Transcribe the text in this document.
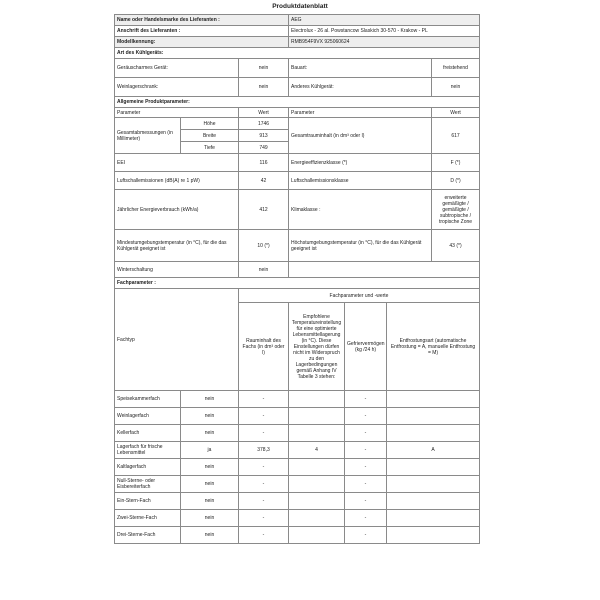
Produktdatenblatt
Name oder Handelsmarke des Lieferanten :			AEG			
Anschrift des Lieferanten :			Electrolux - 26 al. Powstancow Slaskich 30-570 - Krakow - PL			
Modellkennung:			RMB954F9VX 925060624			
Art des Kühlgeräts:						
Geräuscharmes Gerät:		nein	Bauart:			freistehend
Weinlagerschrank:		nein	Anderes Kühlgerät:			nein
Allgemeine Produktparameter:						
Parameter		Wert	Parameter			Wert
Gesamtabmessungen (in Millimeter)	Höhe	1746	Gesamtrauminhalt (in dm³ oder l)			617
	Breite	913				
	Tiefe	749				
EEI		116	Energieeffizienzklasse (*)			F (*)
Luftschallemissionen (dB(A) re 1 pW)		42	Luftschallemissionsklasse			D (*)
Jährlicher Energieverbrauch (kWh/a)		412	Klimaklasse :			erweiterte gemäßigte / gemäßigte / subtropische / tropische Zone
Mindestumgebungstemperatur (in °C), für die das Kühlgerät geeignet ist		10 (*)	Höchstumgebungstemperatur (in °C), für die das Kühlgerät geeignet ist			43 (*)
Winterschaltung		nein				
Fachparameter :						
Fachtyp		Fachparameter und -werte				
		Rauminhalt des Fachs (in dm³ oder l)	Empfohlene Temperatureinstellung für eine optimierte Lebensmittellagerung (in °C). Diese Einstellungen dürfen nicht im Widerspruch zu den Lagerbedingungen gemäß Anhang IV Tabelle 3 stehen:	Gefriervermögen (kg /24 h)	Entfrostungsart (automatische Entfrostung = A, manuelle Entfrostung = M)	
Speisekammerfach	nein	-		-		
Weinlagerfach	nein	-		-		
Kellerfach	nein	-		-		
Lagerfach für frische Lebensmittel	ja	378,3	4	-	A	
Kaltlagerfach	nein	-		-		
Null-Sterne- oder Eisbereiterfach	nein	-		-		
Ein-Stern-Fach	nein	-		-		
Zwei-Sterne-Fach	nein	-		-		
Drei-Sterne-Fach	nein	-		-		
